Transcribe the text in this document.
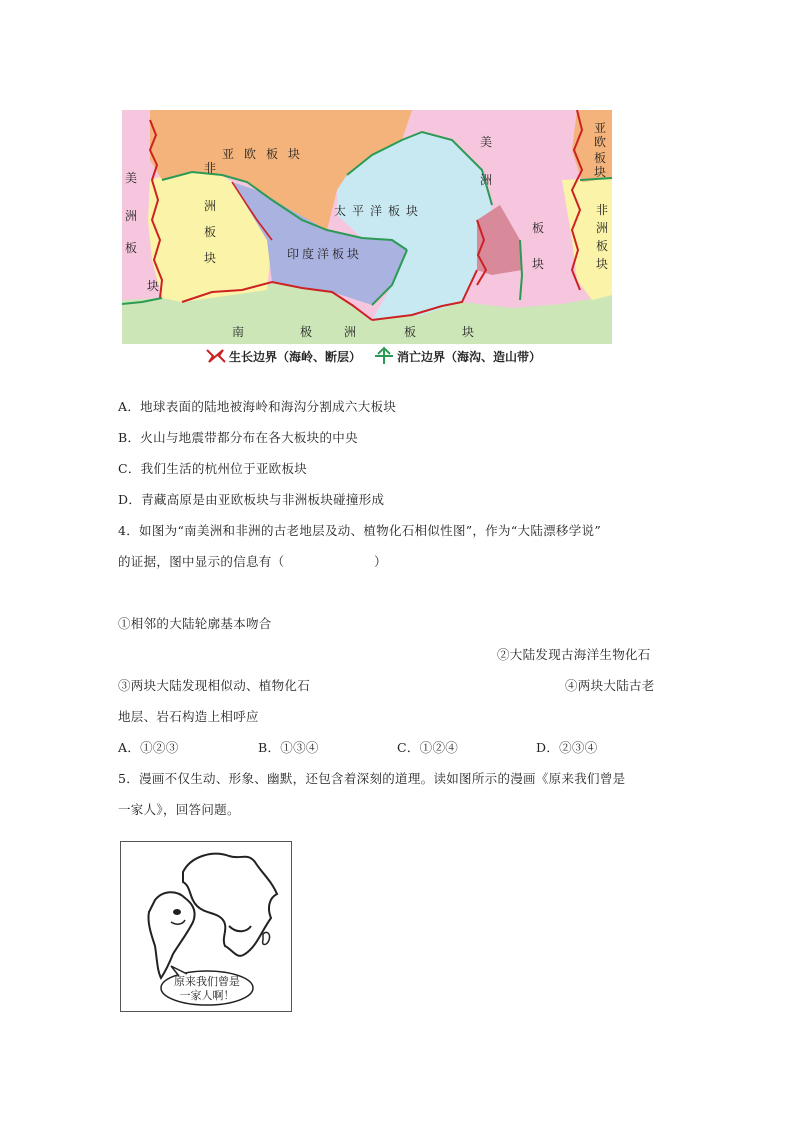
亚欧板块
太平洋板块
印度洋板块
非
洲
板
块
美
洲
板
块
南	极	洲	板	块
美
洲
板
块
亚
欧
板
块
非
洲
板
块
生长边界（海岭、断层）	消亡边界（海沟、造山带）
A．地球表面的陆地被海岭和海沟分割成六大板块
B．火山与地震带都分布在各大板块的中央
C．我们生活的杭州位于亚欧板块
D．青藏高原是由亚欧板块与非洲板块碰撞形成
4．如图为“南美洲和非洲的古老地层及动、植物化石相似性图”，作为“大陆漂移学说”
的证据，图中显示的信息有（　　　　　　　）
①相邻的大陆轮廓基本吻合
②大陆发现古海洋生物化石
③两块大陆发现相似动、植物化石	④两块大陆古老
地层、岩石构造上相呼应
A．①②③	B．①③④	C．①②④	D．②③④
5．漫画不仅生动、形象、幽默，还包含着深刻的道理。读如图所示的漫画《原来我们曾是
一家人》，回答问题。
原来我们曾是
一家人啊！
